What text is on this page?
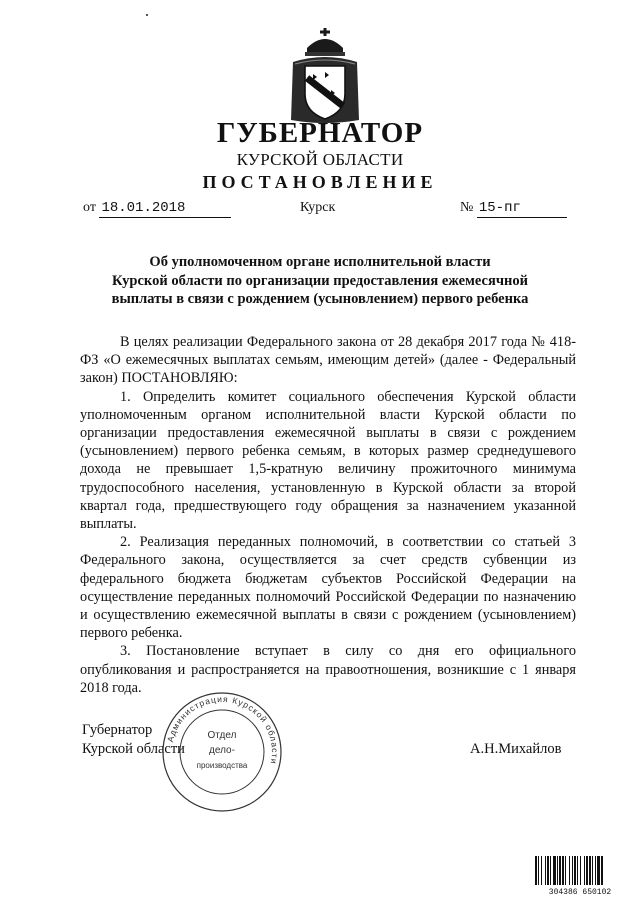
ГУБЕРНАТОР
КУРСКОЙ ОБЛАСТИ
ПОСТАНОВЛЕНИЕ
от 18.01.2018	Курск	№ 15-пг
Об уполномоченном органе исполнительной власти
Курской области по организации предоставления ежемесячной
выплаты в связи с рождением (усыновлением) первого ребенка

В целях реализации Федерального закона от 28 декабря 2017 года № 418-ФЗ «О ежемесячных выплатах семьям, имеющим детей» (далее - Федеральный закон) ПОСТАНОВЛЯЮ:

1. Определить комитет социального обеспечения Курской области уполномоченным органом исполнительной власти Курской области по организации предоставления ежемесячной выплаты в связи с рождением (усыновлением) первого ребенка семьям, в которых размер среднедушевого дохода не превышает 1,5-кратную величину прожиточного минимума трудоспособного населения, установленную в Курской области за второй квартал года, предшествующего году обращения за назначением указанной выплаты.

2. Реализация переданных полномочий, в соответствии со статьей 3 Федерального закона, осуществляется за счет средств субвенции из федерального бюджета бюджетам субъектов Российской Федерации на осуществление переданных полномочий Российской Федерации по назначению и осуществлению ежемесячной выплаты в связи с рождением (усыновлением) первого ребенка.

3. Постановление вступает в силу со дня его официального опубликования и распространяется на правоотношения, возникшие с 1 января 2018 года.

Губернатор
Курской области	А.Н.Михайлов
Администрация Курской области
Отдел
дело-
производства
304386 650102
